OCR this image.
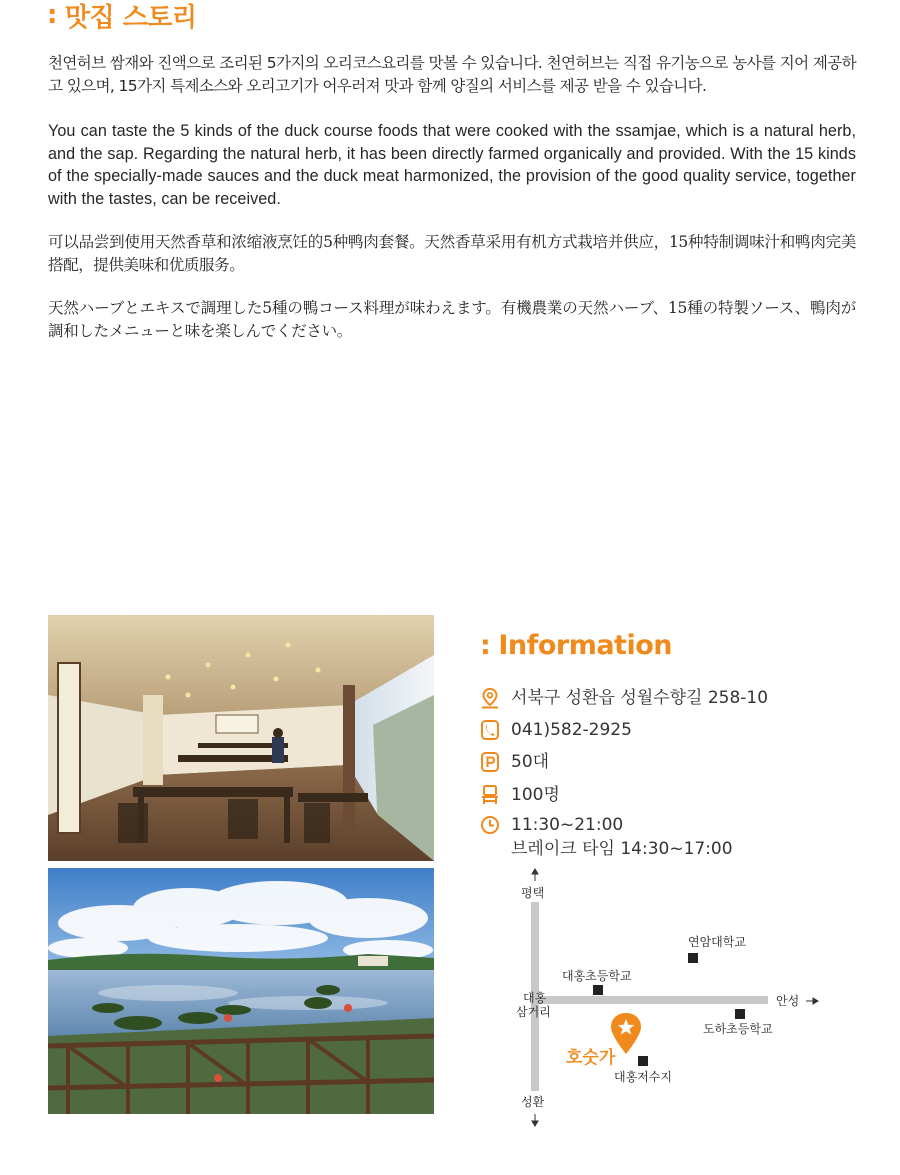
: 맛집 스토리

천연허브 쌈재와 진액으로 조리된 5가지의 오리코스요리를 맛볼 수 있습니다. 천연허브는 직접 유기농으로 농사를 지어 제공하고 있으며, 15가지 특제소스와 오리고기가 어우러져 맛과 함께 양질의 서비스를 제공 받을 수 있습니다.

You can taste the 5 kinds of the duck course foods that were cooked with the ssamjae, which is a natural herb, and the sap. Regarding the natural herb, it has been directly farmed organically and provided. With the 15 kinds of the specially-made sauces and the duck meat harmonized, the provision of the good quality service, together with the tastes, can be received.

可以品尝到使用天然香草和浓缩液烹饪的5种鸭肉套餐。天然香草采用有机方式栽培并供应，15种特制调味汁和鸭肉完美搭配，提供美味和优质服务。

天然ハーブとエキスで調理した5種の鴨コース料理が味わえます。有機農業の天然ハーブ、15種の特製ソース、鴨肉が調和したメニューと味を楽しんでください。

: Information
서북구 성환읍 성월수향길 258-10
041)582-2925
50대
100명
11:30~21:00
브레이크 타임 14:30~17:00
평택
성환
안성
대홍
삼거리
대홍초등학교
연암대학교
도하초등학교
대홍저수지
호숫가
